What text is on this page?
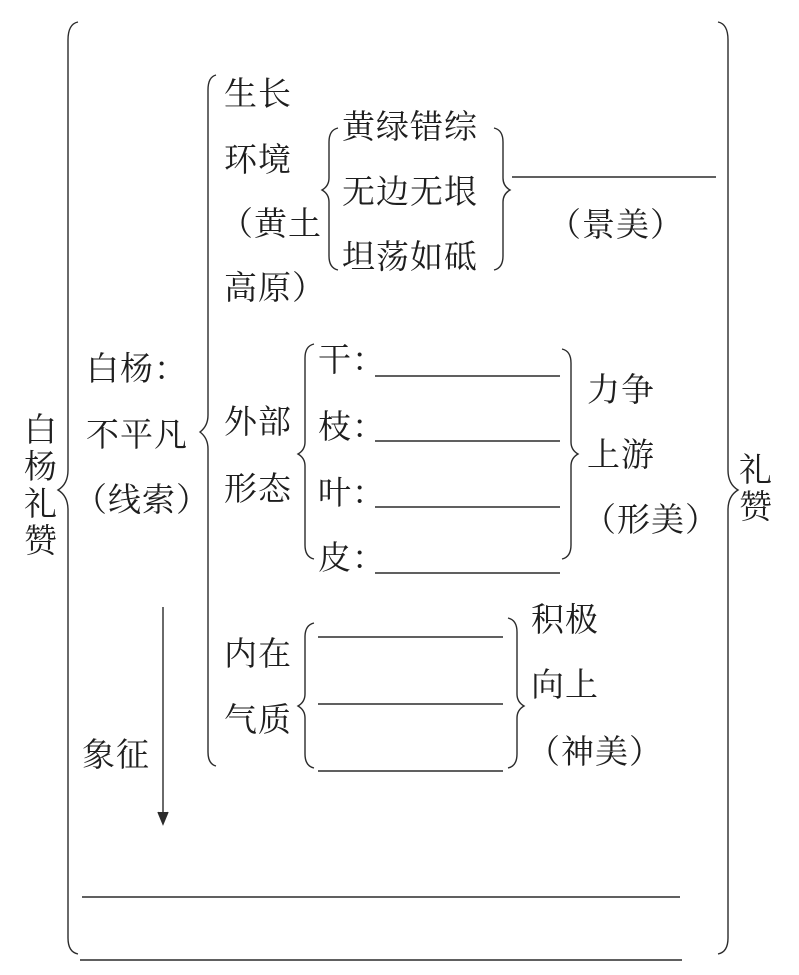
白杨礼赞	礼赞
白杨：
不平凡
（线索）
象征
生长
环境
（黄土
高原）
黄绿错综
无边无垠
坦荡如砥
（景美）
外部
形态
干：
枝：
叶：
皮：
力争
上游
（形美）
内在
气质
积极
向上
（神美）
